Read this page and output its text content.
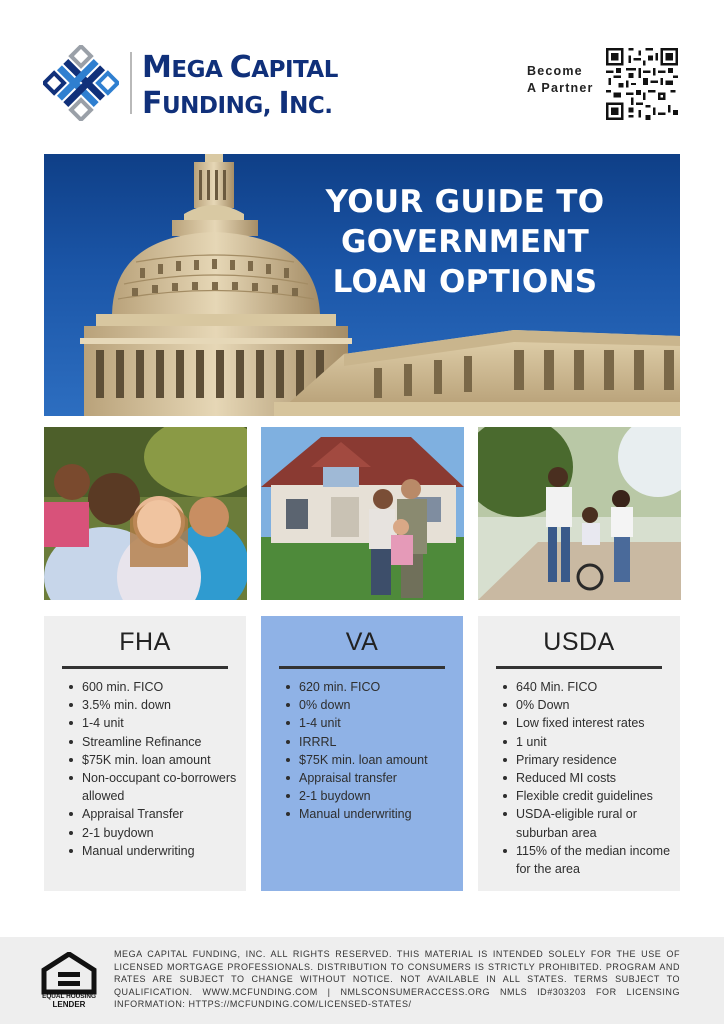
MEGA CAPITAL
FUNDING, INC.
Become
A Partner
YOUR GUIDE TO
GOVERNMENT
LOAN OPTIONS
FHA
600 min. FICO
3.5% min. down
1-4 unit
Streamline Refinance
$75K min. loan amount
Non-occupant co-borrowers allowed
Appraisal Transfer
2-1 buydown
Manual underwriting
VA
620 min. FICO
0% down
1-4 unit
IRRRL
$75K min. loan amount
Appraisal transfer
2-1 buydown
Manual underwriting
USDA
640 Min. FICO
0% Down
Low fixed interest rates
1 unit
Primary residence
Reduced MI costs
Flexible credit guidelines
USDA-eligible rural or suburban area
115% of the median income for the area
EQUAL HOUSING
LENDER
MEGA CAPITAL FUNDING, INC. ALL RIGHTS RESERVED. THIS MATERIAL IS INTENDED SOLELY FOR THE USE OF LICENSED MORTGAGE PROFESSIONALS. DISTRIBUTION TO CONSUMERS IS STRICTLY PROHIBITED. PROGRAM AND RATES ARE SUBJECT TO CHANGE WITHOUT NOTICE. NOT AVAILABLE IN ALL STATES. TERMS SUBJECT TO QUALIFICATION. WWW.MCFUNDING.COM | NMLSCONSUMERACCESS.ORG NMLS ID#303203 FOR LICENSING INFORMATION: HTTPS://MCFUNDING.COM/LICENSED-STATES/
